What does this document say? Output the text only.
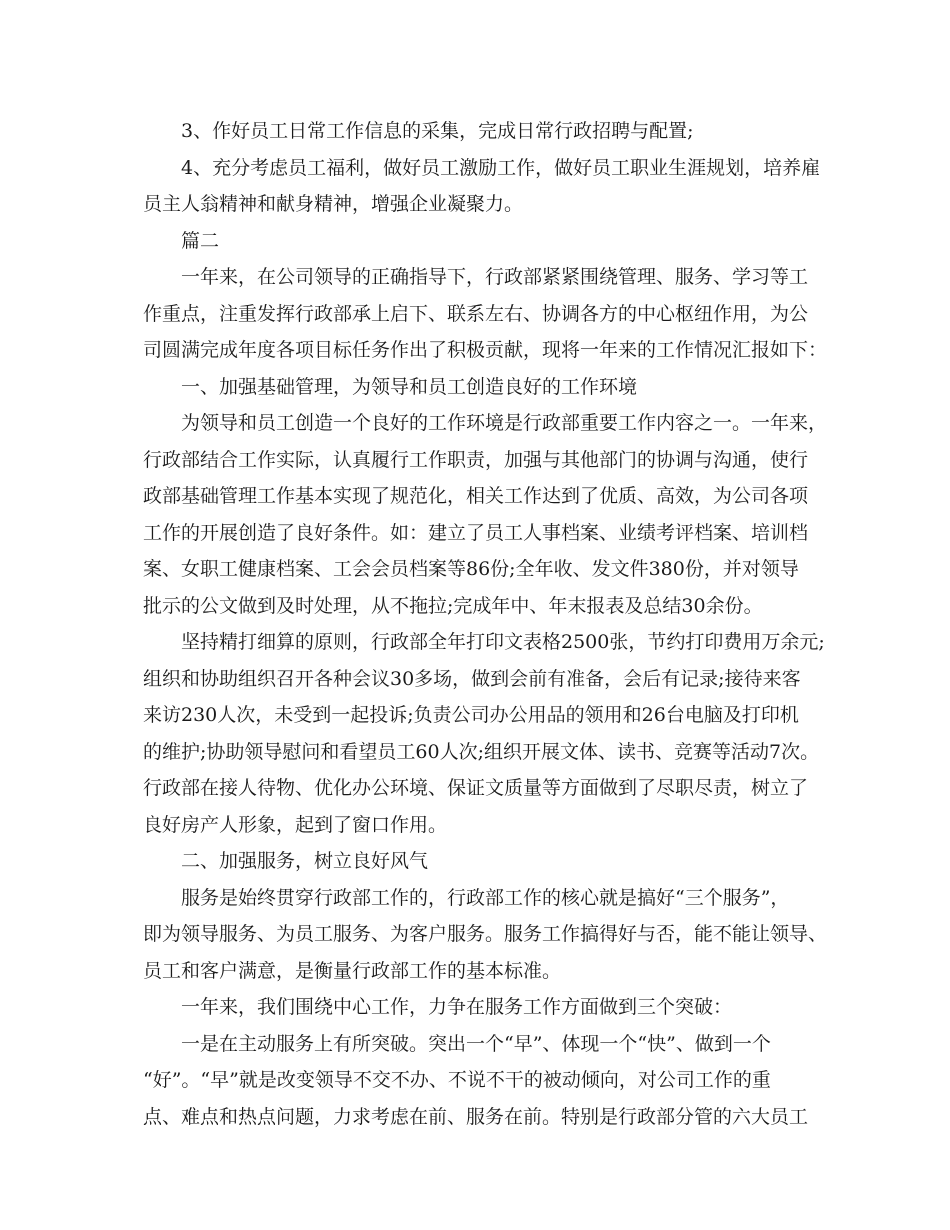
3、作好员工日常工作信息的采集，完成日常行政招聘与配置;
4、充分考虑员工福利，做好员工激励工作，做好员工职业生涯规划，培养雇
员主人翁精神和献身精神，增强企业凝聚力。
篇二
一年来，在公司领导的正确指导下，行政部紧紧围绕管理、服务、学习等工
作重点，注重发挥行政部承上启下、联系左右、协调各方的中心枢纽作用，为公
司圆满完成年度各项目标任务作出了积极贡献，现将一年来的工作情况汇报如下：
一、加强基础管理，为领导和员工创造良好的工作环境
为领导和员工创造一个良好的工作环境是行政部重要工作内容之一。一年来，
行政部结合工作实际，认真履行工作职责，加强与其他部门的协调与沟通，使行
政部基础管理工作基本实现了规范化，相关工作达到了优质、高效，为公司各项
工作的开展创造了良好条件。如：建立了员工人事档案、业绩考评档案、培训档
案、女职工健康档案、工会会员档案等86份;全年收、发文件380份，并对领导
批示的公文做到及时处理，从不拖拉;完成年中、年末报表及总结30余份。
坚持精打细算的原则，行政部全年打印文表格2500张，节约打印费用万余元;
组织和协助组织召开各种会议30多场，做到会前有准备，会后有记录;接待来客
来访230人次，未受到一起投诉;负责公司办公用品的领用和26台电脑及打印机
的维护;协助领导慰问和看望员工60人次;组织开展文体、读书、竞赛等活动7次。
行政部在接人待物、优化办公环境、保证文质量等方面做到了尽职尽责，树立了
良好房产人形象，起到了窗口作用。
二、加强服务，树立良好风气
服务是始终贯穿行政部工作的，行政部工作的核心就是搞好“三个服务”，
即为领导服务、为员工服务、为客户服务。服务工作搞得好与否，能不能让领导、
员工和客户满意，是衡量行政部工作的基本标准。
一年来，我们围绕中心工作，力争在服务工作方面做到三个突破：
一是在主动服务上有所突破。突出一个“早”、体现一个“快”、做到一个
“好”。“早”就是改变领导不交不办、不说不干的被动倾向，对公司工作的重
点、难点和热点问题，力求考虑在前、服务在前。特别是行政部分管的六大员工
